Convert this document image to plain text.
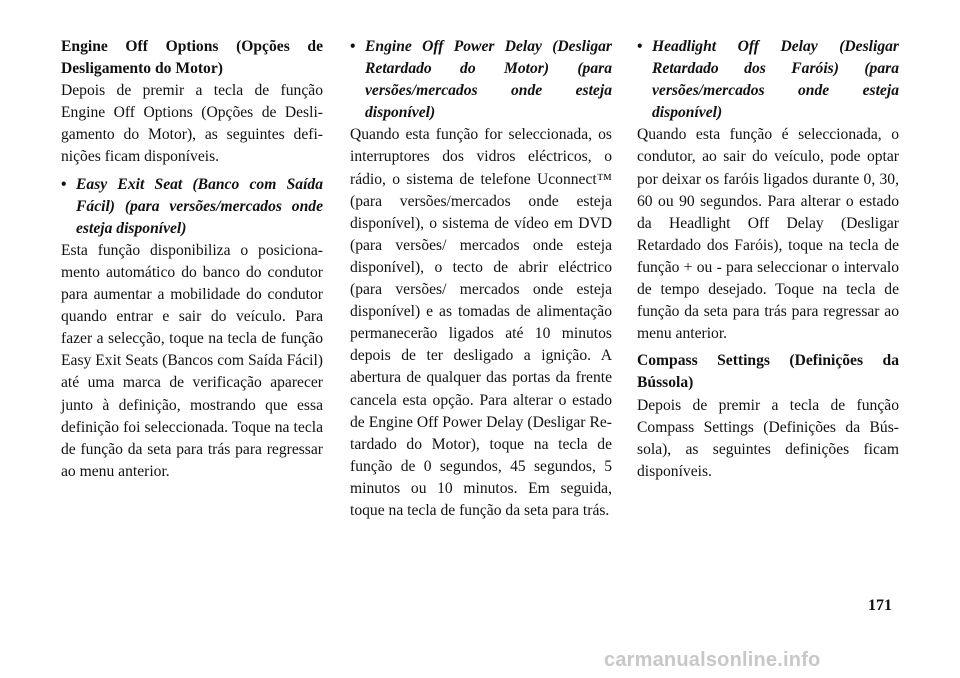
Engine Off Options (Opções de Desligamento do Motor)

Depois de premir a tecla de função Engine Off Options (Opções de Desligamento do Motor), as seguintes definições ficam disponíveis.

• Easy Exit Seat (Banco com Saída Fácil) (para versões/mercados onde esteja disponível)

Esta função disponibiliza o posicionamento automático do banco do condutor para aumentar a mobilidade do condutor quando entrar e sair do veículo. Para fazer a selecção, toque na tecla de função Easy Exit Seats (Bancos com Saída Fácil) até uma marca de verificação aparecer junto à definição, mostrando que essa definição foi seleccionada. Toque na tecla de função da seta para trás para regressar ao menu anterior.

• Engine Off Power Delay (Desligar Retardado do Motor) (para versões/mercados onde esteja disponível)

Quando esta função for seleccionada, os interruptores dos vidros eléctricos, o rádio, o sistema de telefone Uconnect™ (para versões/mercados onde esteja disponível), o sistema de vídeo em DVD (para versões/ mercados onde esteja disponível), o tecto de abrir eléctrico (para versões/ mercados onde esteja disponível) e as tomadas de alimentação permanecerão ligados até 10 minutos depois de ter desligado a ignição. A abertura de qualquer das portas da frente cancela esta opção. Para alterar o estado de Engine Off Power Delay (Desligar Retardado do Motor), toque na tecla de função de 0 segundos, 45 segundos, 5 minutos ou 10 minutos. Em seguida, toque na tecla de função da seta para trás.

• Headlight Off Delay (Desligar Retardado dos Faróis) (para versões/mercados onde esteja disponível)

Quando esta função é seleccionada, o condutor, ao sair do veículo, pode optar por deixar os faróis ligados durante 0, 30, 60 ou 90 segundos. Para alterar o estado da Headlight Off Delay (Desligar Retardado dos Faróis), toque na tecla de função + ou - para seleccionar o intervalo de tempo desejado. Toque na tecla de função da seta para trás para regressar ao menu anterior.

Compass Settings (Definições da Bússola)

Depois de premir a tecla de função Compass Settings (Definições da Bússola), as seguintes definições ficam disponíveis.

171
carmanualsonline.info
